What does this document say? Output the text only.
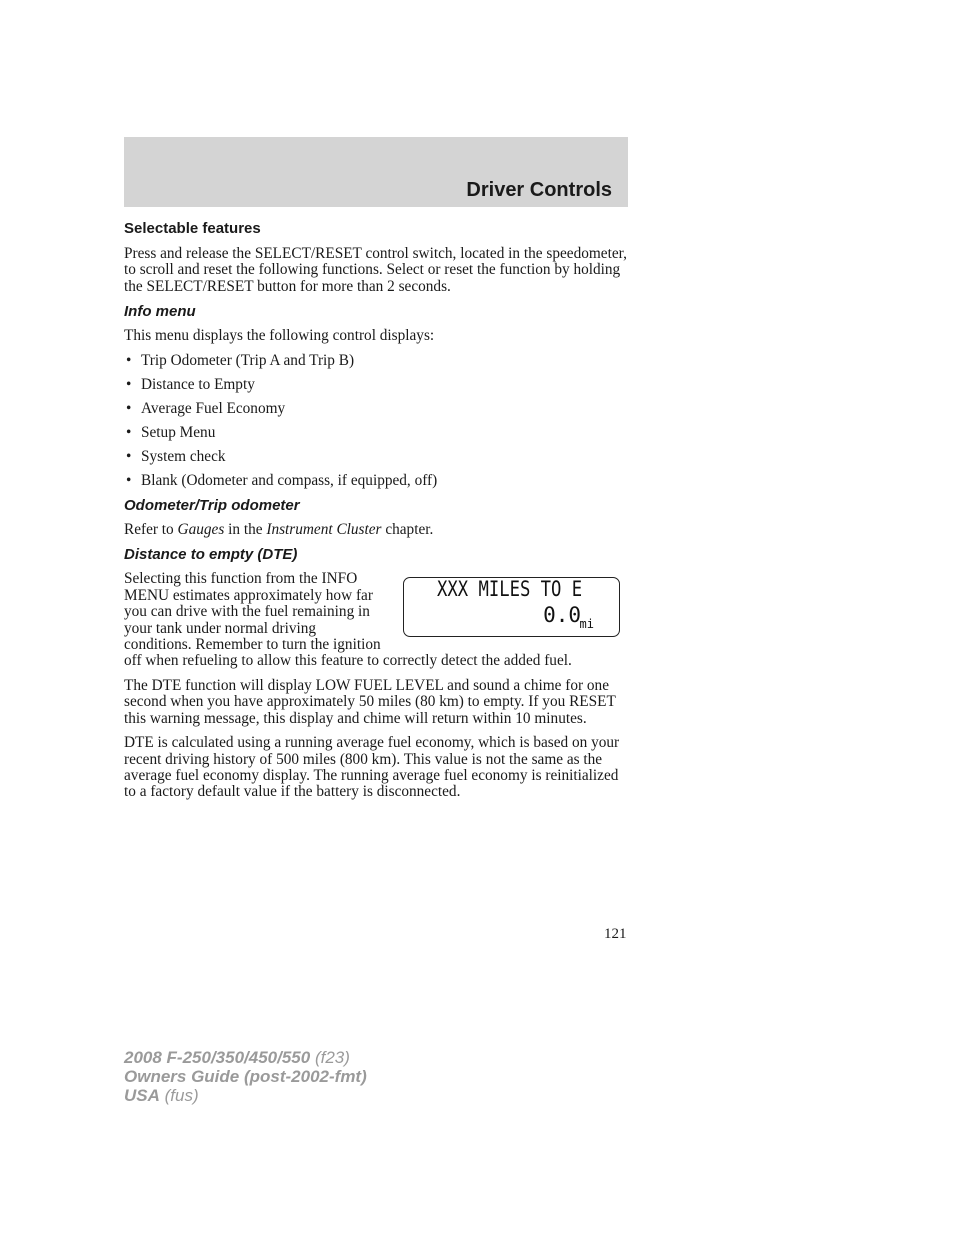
Driver Controls
Selectable features

Press and release the SELECT/RESET control switch, located in the speedometer, to scroll and reset the following functions. Select or reset the function by holding the SELECT/RESET button for more than 2 seconds.

Info menu

This menu displays the following control displays:

• Trip Odometer (Trip A and Trip B)
• Distance to Empty
• Average Fuel Economy
• Setup Menu
• System check
• Blank (Odometer and compass, if equipped, off)
Odometer/Trip odometer

Refer to Gauges in the Instrument Cluster chapter.

Distance to empty (DTE)
XXX MILES TO E
0.0
mi

Selecting this function from the INFO MENU estimates approximately how far you can drive with the fuel remaining in your tank under normal driving conditions. Remember to turn the ignition off when refueling to allow this feature to correctly detect the added fuel.

The DTE function will display LOW FUEL LEVEL and sound a chime for one second when you have approximately 50 miles (80 km) to empty. If you RESET this warning message, this display and chime will return within 10 minutes.

DTE is calculated using a running average fuel economy, which is based on your recent driving history of 500 miles (800 km). This value is not the same as the average fuel economy display. The running average fuel economy is reinitialized to a factory default value if the battery is disconnected.

121
2008 F-250/350/450/550 (f23)
Owners Guide (post-2002-fmt)
USA (fus)
